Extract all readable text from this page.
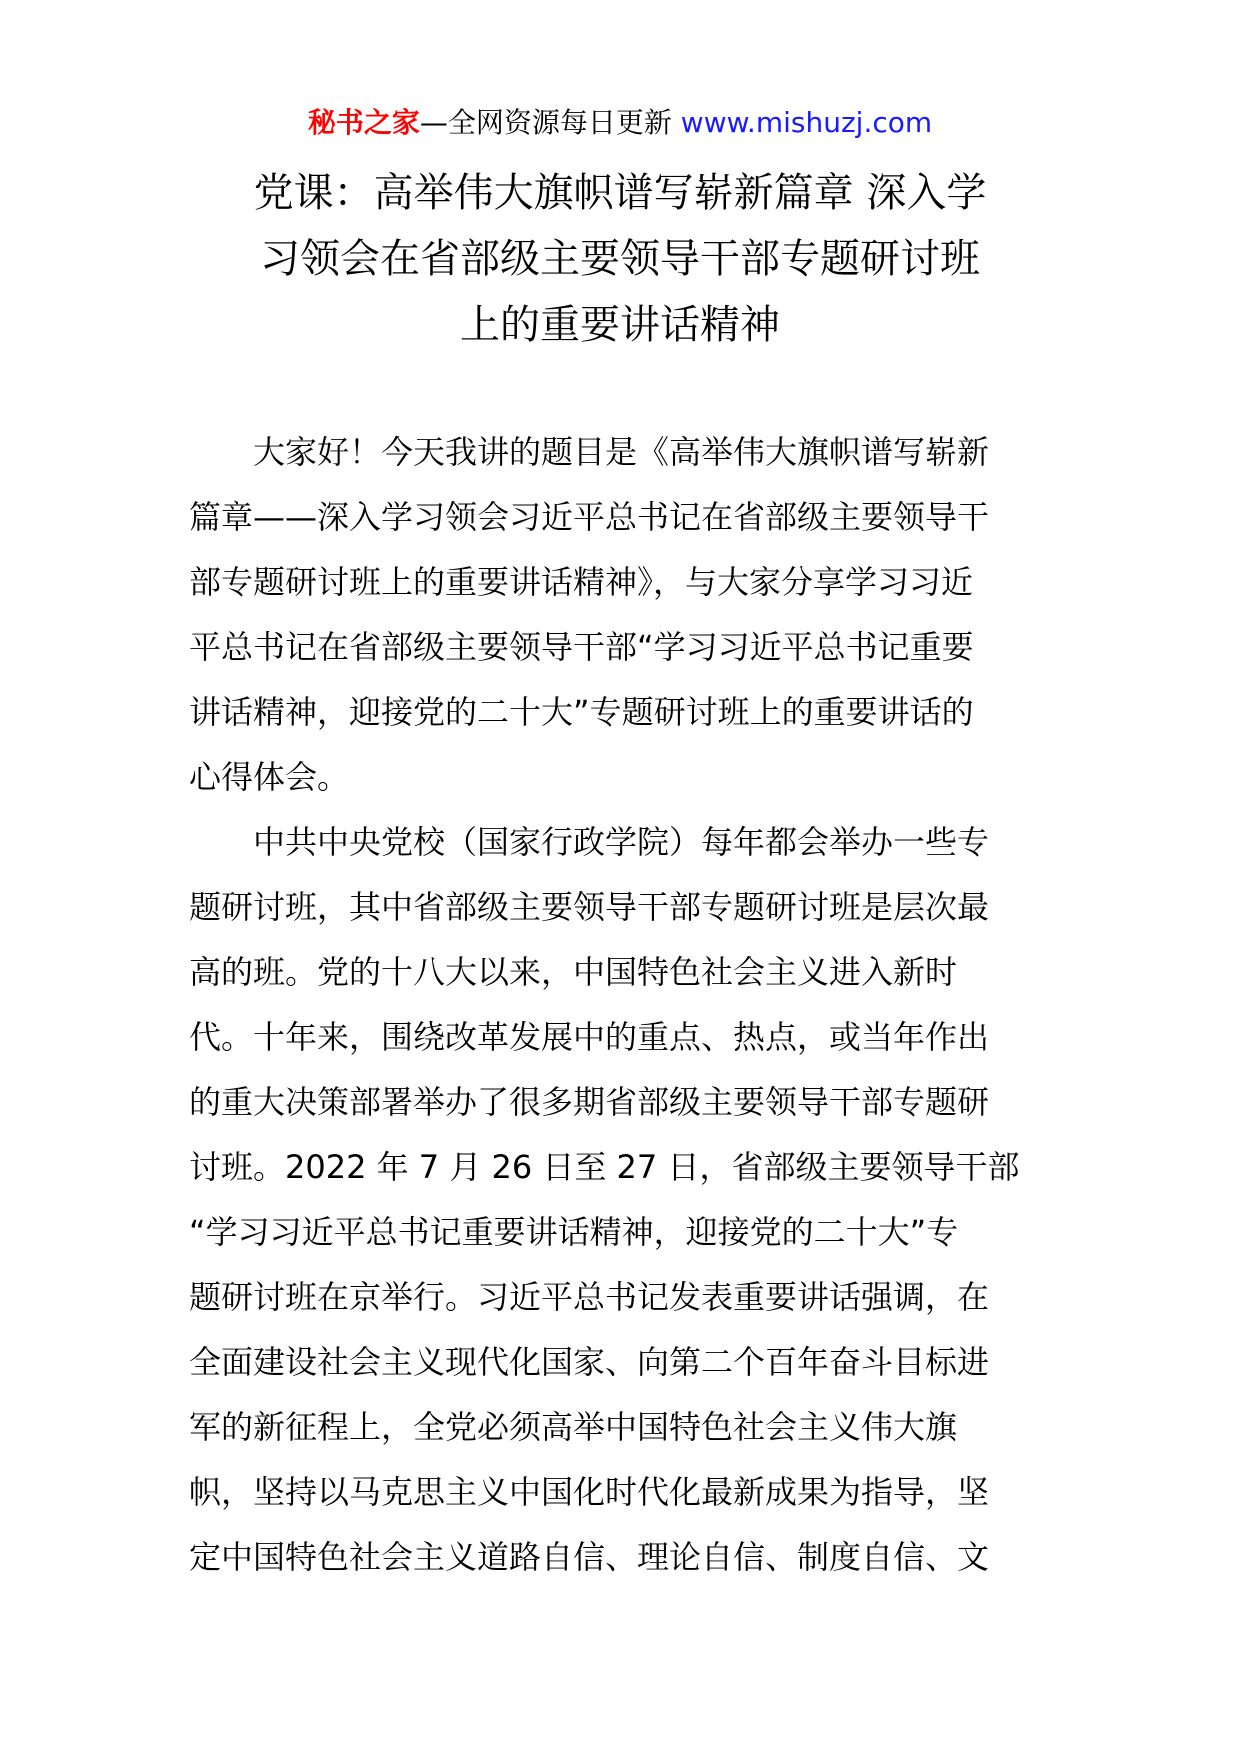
秘书之家—全网资源每日更新 www.mishuzj.com
党课：高举伟大旗帜谱写崭新篇章 深入学
习领会在省部级主要领导干部专题研讨班
上的重要讲话精神
　　大家好！今天我讲的题目是《高举伟大旗帜谱写崭新
篇章——深入学习领会习近平总书记在省部级主要领导干
部专题研讨班上的重要讲话精神》，与大家分享学习习近
平总书记在省部级主要领导干部“学习习近平总书记重要
讲话精神，迎接党的二十大”专题研讨班上的重要讲话的
心得体会。
　　中共中央党校（国家行政学院）每年都会举办一些专
题研讨班，其中省部级主要领导干部专题研讨班是层次最
高的班。党的十八大以来，中国特色社会主义进入新时
代。十年来，围绕改革发展中的重点、热点，或当年作出
的重大决策部署举办了很多期省部级主要领导干部专题研
讨班。2022 年 7 月 26 日至 27 日，省部级主要领导干部
“学习习近平总书记重要讲话精神，迎接党的二十大”专
题研讨班在京举行。习近平总书记发表重要讲话强调，在
全面建设社会主义现代化国家、向第二个百年奋斗目标进
军的新征程上，全党必须高举中国特色社会主义伟大旗
帜，坚持以马克思主义中国化时代化最新成果为指导，坚
定中国特色社会主义道路自信、理论自信、制度自信、文
